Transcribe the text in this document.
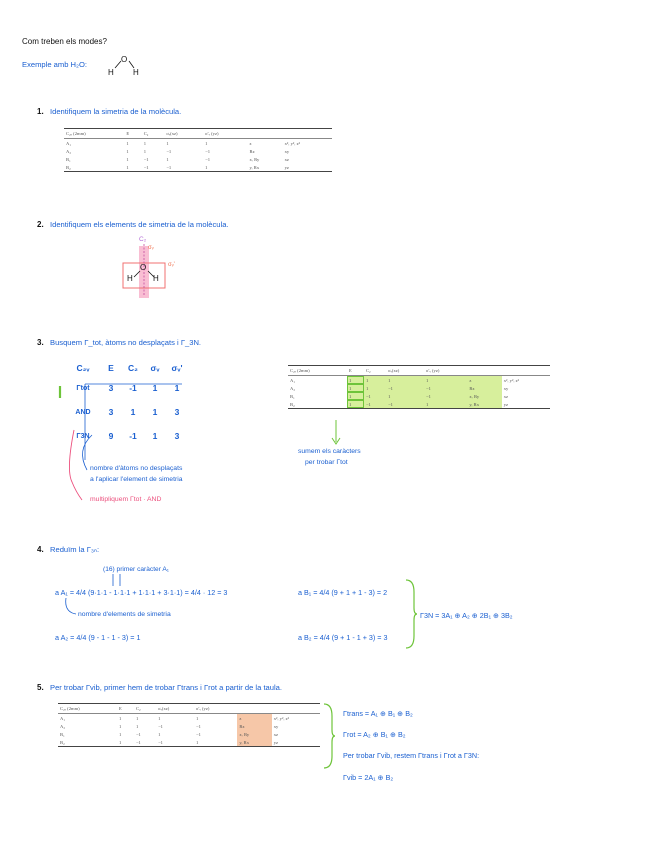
Com treben els modes?
Exemple amb H₂O:
O
H H
1. Identifiquem la simetria de la molècula.
C₂ᵥ (2mm)	E	C₂	σᵥ(xz)	σ′ᵥ (yz)		
A₁	1	1	1	1	z	x², y², z²
A₂	1	1	−1	−1	Rz	xy
B₁	1	−1	1	−1	x, Ry	xz
B₂	1	−1	−1	1	y, Rx	yz
2. Identifiquem els elements de simetria de la molècula.
C₂
σᵥ
σᵥ'
O
H	H
3. Busquem Γ_tot, àtoms no desplaçats i Γ_3N.
C₂ᵥ	E	C₂	σᵥ	σᵥ'
Γtot	3	-1	1	1
AND	3	1	1	3
Γ3N	9	-1	1	3
nombre d'àtoms no desplaçats
a l'aplicar l'element de simetria
multipliquem Γtot · AND
C₂ᵥ (2mm)	E	C₂	σᵥ(xz)	σ′ᵥ (yz)		
A₁	1	1	1	1	z	x², y², z²
A₂	1	1	−1	−1	Rz	xy
B₁	1	−1	1	−1	x, Ry	xz
B₂	1	−1	−1	1	y, Rx	yz
sumem els caràcters
per trobar Γtot
4. Reduïm la Γ₃ₙ:
(16) primer caràcter A₁
a A₁ = 4/4 (9·1·1 - 1·1·1 + 1·1·1 + 3·1·1) = 4/4 · 12 = 3
nombre d'elements de simetria
a A₂ = 4/4 (9 - 1 - 1 - 3) = 1
a B₁ = 4/4 (9 + 1 + 1 - 3) = 2
a B₂ = 4/4 (9 + 1 - 1 + 3) = 3
Γ3N = 3A₁ ⊕ A₂ ⊕ 2B₁ ⊕ 3B₂
5. Per trobar Γvib, primer hem de trobar Γtrans i Γrot a partir de la taula.
C₂ᵥ (2mm)	E	C₂	σᵥ(xz)	σ′ᵥ (yz)		
A₁	1	1	1	1	z	x², y², z²
A₂	1	1	−1	−1	Rz	xy
B₁	1	−1	1	−1	x, Ry	xz
B₂	1	−1	−1	1	y, Rx	yz
Γtrans = A₁ ⊕ B₁ ⊕ B₂
Γrot = A₂ ⊕ B₁ ⊕ B₂
Per trobar Γvib, restem Γtrans i Γrot a Γ3N:
Γvib = 2A₁ ⊕ B₂
